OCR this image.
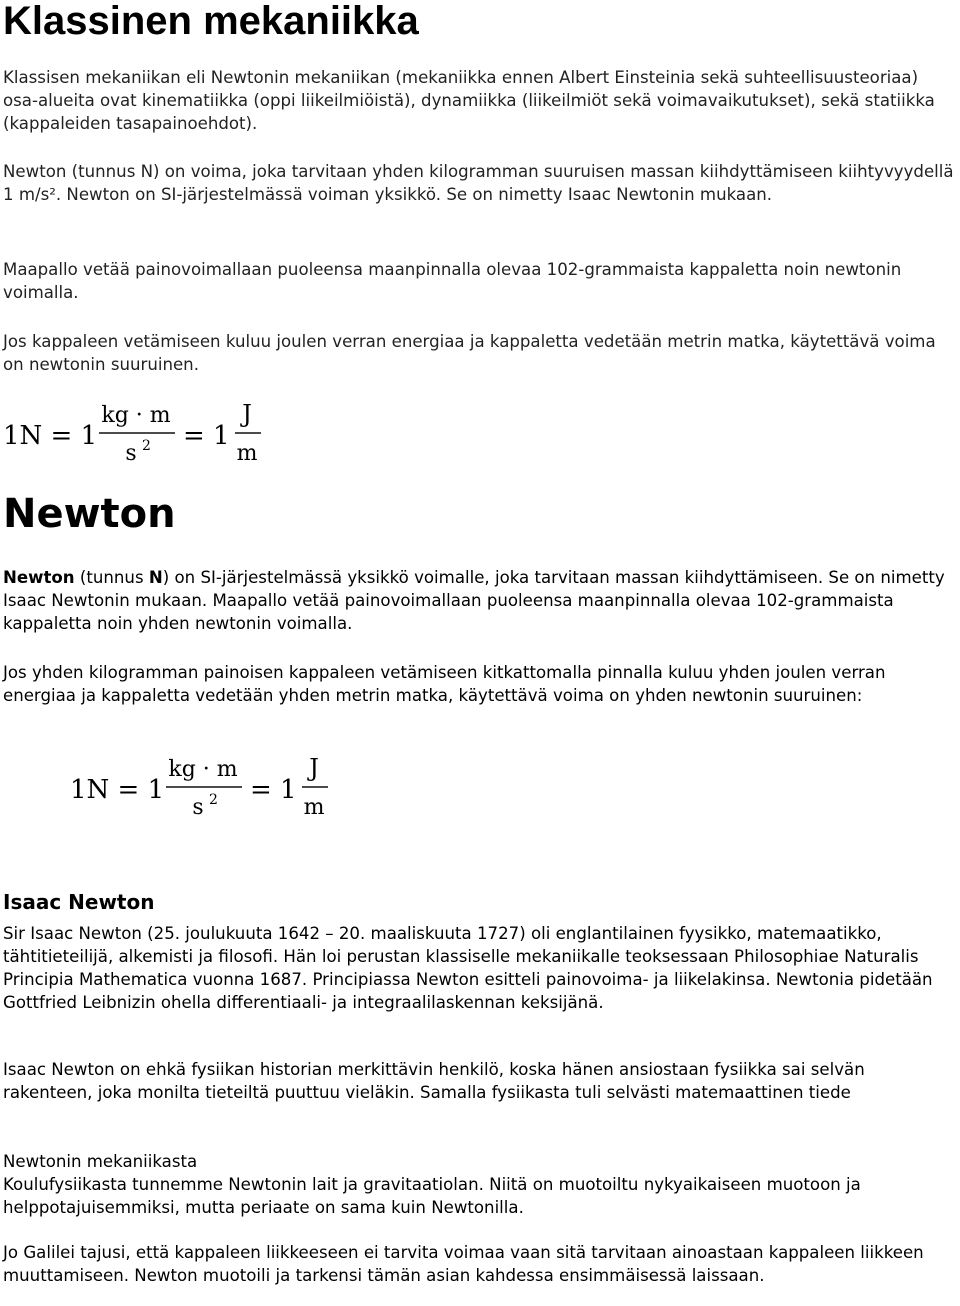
Klassinen mekaniikka

Klassisen mekaniikan eli Newtonin mekaniikan (mekaniikka ennen Albert Einsteinia sekä suhteellisuusteoriaa) osa-alueita ovat kinematiikka (oppi liikeilmiöistä), dynamiikka (liikeilmiöt sekä voimavaikutukset), sekä statiikka (kappaleiden tasapainoehdot).

Newton (tunnus N) on voima, joka tarvitaan yhden kilogramman suuruisen massan kiihdyttämiseen kiihtyvyydellä 1 m/s². Newton on SI-järjestelmässä voiman yksikkö. Se on nimetty Isaac Newtonin mukaan.

Maapallo vetää painovoimallaan puoleensa maanpinnalla olevaa 102-grammaista kappaletta noin newtonin voimalla.

Jos kappaleen vetämiseen kuluu joulen verran energiaa ja kappaletta vedetään metrin matka, käytettävä voima on newtonin suuruinen.

1N = 1
kg · m
s 2 = 1
J
m
Newton

Newton (tunnus N) on SI-järjestelmässä yksikkö voimalle, joka tarvitaan massan kiihdyttämiseen. Se on nimetty Isaac Newtonin mukaan. Maapallo vetää painovoimallaan puoleensa maanpinnalla olevaa 102-grammaista kappaletta noin yhden newtonin voimalla.

Jos yhden kilogramman painoisen kappaleen vetämiseen kitkattomalla pinnalla kuluu yhden joulen verran energiaa ja kappaletta vedetään yhden metrin matka, käytettävä voima on yhden newtonin suuruinen:

1N = 1
kg · m
s 2 = 1
J
m
Isaac Newton

Sir Isaac Newton (25. joulukuuta 1642 – 20. maaliskuuta 1727) oli englantilainen fyysikko, matemaatikko, tähtitieteilijä, alkemisti ja filosofi. Hän loi perustan klassiselle mekaniikalle teoksessaan Philosophiae Naturalis Principia Mathematica vuonna 1687. Principiassa Newton esitteli painovoima- ja liikelakinsa. Newtonia pidetään Gottfried Leibnizin ohella differentiaali- ja integraalilaskennan keksijänä.

Isaac Newton on ehkä fysiikan historian merkittävin henkilö, koska hänen ansiostaan fysiikka sai selvän rakenteen, joka monilta tieteiltä puuttuu vieläkin. Samalla fysiikasta tuli selvästi matemaattinen tiede

Newtonin mekaniikasta

Koulufysiikasta tunnemme Newtonin lait ja gravitaatiolan. Niitä on muotoiltu nykyaikaiseen muotoon ja helppotajuisemmiksi, mutta periaate on sama kuin Newtonilla.

Jo Galilei tajusi, että kappaleen liikkeeseen ei tarvita voimaa vaan sitä tarvitaan ainoastaan kappaleen liikkeen muuttamiseen. Newton muotoili ja tarkensi tämän asian kahdessa ensimmäisessä laissaan.
